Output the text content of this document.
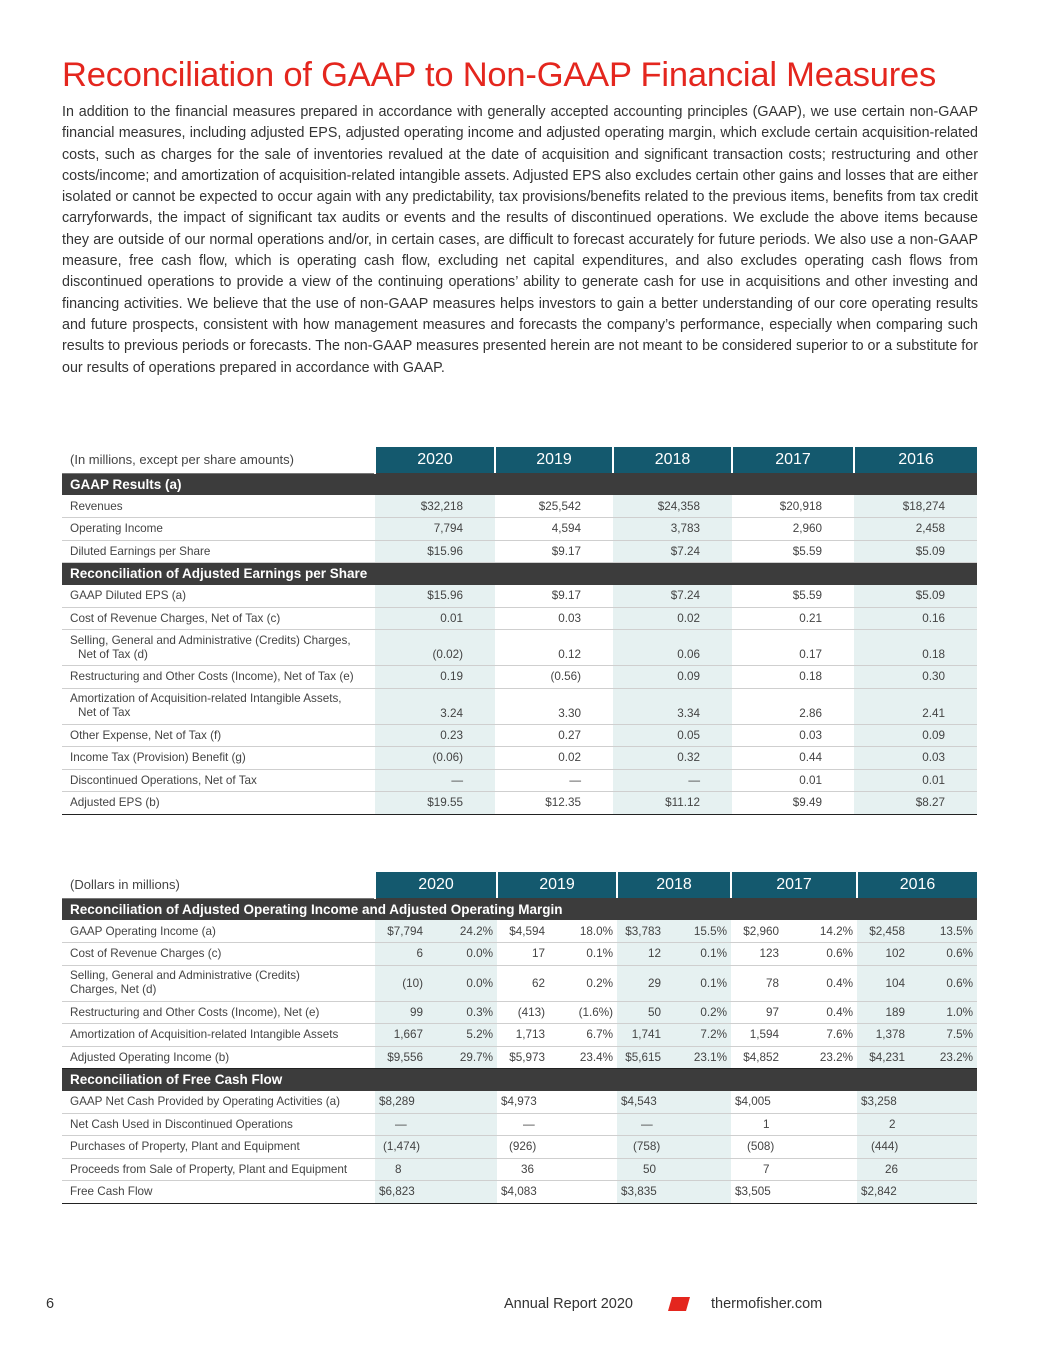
Reconciliation of GAAP to Non-GAAP Financial Measures

In addition to the financial measures prepared in accordance with generally accepted accounting principles (GAAP), we use certain non-GAAP financial measures, including adjusted EPS, adjusted operating income and adjusted operating margin, which exclude certain acquisition-related costs, such as charges for the sale of inventories revalued at the date of acquisition and significant transaction costs; restructuring and other costs/income; and amortization of acquisition-related intangible assets. Adjusted EPS also excludes certain other gains and losses that are either isolated or cannot be expected to occur again with any predictability, tax provisions/benefits related to the previous items, benefits from tax credit carryforwards, the impact of significant tax audits or events and the results of discontinued operations. We exclude the above items because they are outside of our normal operations and/or, in certain cases, are difficult to forecast accurately for future periods. We also use a non-GAAP measure, free cash flow, which is operating cash flow, excluding net capital expenditures, and also excludes operating cash flows from discontinued operations to provide a view of the continuing operations’ ability to generate cash for use in acquisitions and other investing and financing activities. We believe that the use of non-GAAP measures helps investors to gain a better understanding of our core operating results and future prospects, consistent with how management measures and forecasts the company’s performance, especially when comparing such results to previous periods or forecasts. The non-GAAP measures presented herein are not meant to be considered superior to or a substitute for our results of operations prepared in accordance with GAAP.

(In millions, except per share amounts)	2020	2019	2018	2017	2016
GAAP Results (a)					
Revenues	$32,218	$25,542	$24,358	$20,918	$18,274
Operating Income	7,794	4,594	3,783	2,960	2,458
Diluted Earnings per Share	$15.96	$9.17	$7.24	$5.59	$5.09
Reconciliation of Adjusted Earnings per Share					
GAAP Diluted EPS (a)	$15.96	$9.17	$7.24	$5.59	$5.09
Cost of Revenue Charges, Net of Tax (c)	0.01	0.03	0.02	0.21	0.16
Selling, General and Administrative (Credits) Charges,
Net of Tax (d)	(0.02)	0.12	0.06	0.17	0.18
Restructuring and Other Costs (Income), Net of Tax (e)	0.19	(0.56)	0.09	0.18	0.30
Amortization of Acquisition-related Intangible Assets,
Net of Tax	3.24	3.30	3.34	2.86	2.41
Other Expense, Net of Tax (f)	0.23	0.27	0.05	0.03	0.09
Income Tax (Provision) Benefit (g)	(0.06)	0.02	0.32	0.44	0.03
Discontinued Operations, Net of Tax	—	—	—	0.01	0.01
Adjusted EPS (b)	$19.55	$12.35	$11.12	$9.49	$8.27
(Dollars in millions)	2020		2019		2018		2017		2016	
Reconciliation of Adjusted Operating Income and Adjusted Operating Margin										
GAAP Operating Income (a)	$7,794	24.2%	$4,594	18.0%	$3,783	15.5%	$2,960	14.2%	$2,458	13.5%
Cost of Revenue Charges (c)	6	0.0%	17	0.1%	12	0.1%	123	0.6%	102	0.6%
Selling, General and Administrative (Credits)
Charges, Net (d)	(10)	0.0%	62	0.2%	29	0.1%	78	0.4%	104	0.6%
Restructuring and Other Costs (Income), Net (e)	99	0.3%	(413)	(1.6%)	50	0.2%	97	0.4%	189	1.0%
Amortization of Acquisition-related Intangible Assets	1,667	5.2%	1,713	6.7%	1,741	7.2%	1,594	7.6%	1,378	7.5%
Adjusted Operating Income (b)	$9,556	29.7%	$5,973	23.4%	$5,615	23.1%	$4,852	23.2%	$4,231	23.2%
Reconciliation of Free Cash Flow										
GAAP Net Cash Provided by Operating Activities (a)	$8,289		$4,973		$4,543		$4,005		$3,258	
Net Cash Used in Discontinued Operations	—		—		—		1		2	
Purchases of Property, Plant and Equipment	(1,474)		(926)		(758)		(508)		(444)	
Proceeds from Sale of Property, Plant and Equipment	8		36		50		7		26	
Free Cash Flow	$6,823		$4,083		$3,835		$3,505		$2,842	
6	Annual Report 2020	thermofisher.com
